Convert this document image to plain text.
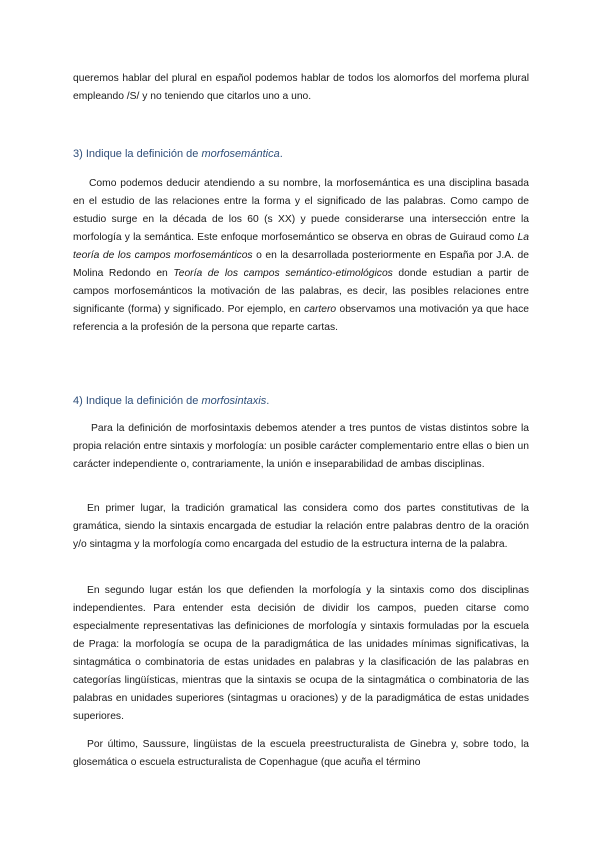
queremos hablar del plural en español podemos hablar de todos los alomorfos del morfema plural empleando /S/ y no teniendo que citarlos uno a uno.

3) Indique la definición de morfosemántica.

Como podemos deducir atendiendo a su nombre, la morfosemántica es una disciplina basada en el estudio de las relaciones entre la forma y el significado de las palabras. Como campo de estudio surge en la década de los 60 (s XX) y puede considerarse una intersección entre la morfología y la semántica. Este enfoque morfosemántico se observa en obras de Guiraud como La teoría de los campos morfosemánticos o en la desarrollada posteriormente en España por J.A. de Molina Redondo en Teoría de los campos semántico-etimológicos donde estudian a partir de campos morfosemánticos la motivación de las palabras, es decir, las posibles relaciones entre significante (forma) y significado. Por ejemplo, en cartero observamos una motivación ya que hace referencia a la profesión de la persona que reparte cartas.

4) Indique la definición de morfosintaxis.

Para la definición de morfosintaxis debemos atender a tres puntos de vistas distintos sobre la propia relación entre sintaxis y morfología: un posible carácter complementario entre ellas o bien un carácter independiente o, contrariamente, la unión e inseparabilidad de ambas disciplinas.

En primer lugar, la tradición gramatical las considera como dos partes constitutivas de la gramática, siendo la sintaxis encargada de estudiar la relación entre palabras dentro de la oración y/o sintagma y la morfología como encargada del estudio de la estructura interna de la palabra.

En segundo lugar están los que defienden la morfología y la sintaxis como dos disciplinas independientes. Para entender esta decisión de dividir los campos, pueden citarse como especialmente representativas las definiciones de morfología y sintaxis formuladas por la escuela de Praga: la morfología se ocupa de la paradigmática de las unidades mínimas significativas, la sintagmática o combinatoria de estas unidades en palabras y la clasificación de las palabras en categorías lingüísticas, mientras que la sintaxis se ocupa de la sintagmática o combinatoria de las palabras en unidades superiores (sintagmas u oraciones) y de la paradigmática de estas unidades superiores.

Por último, Saussure, lingüistas de la escuela preestructuralista de Ginebra y, sobre todo, la glosemática o escuela estructuralista de Copenhague (que acuña el término
